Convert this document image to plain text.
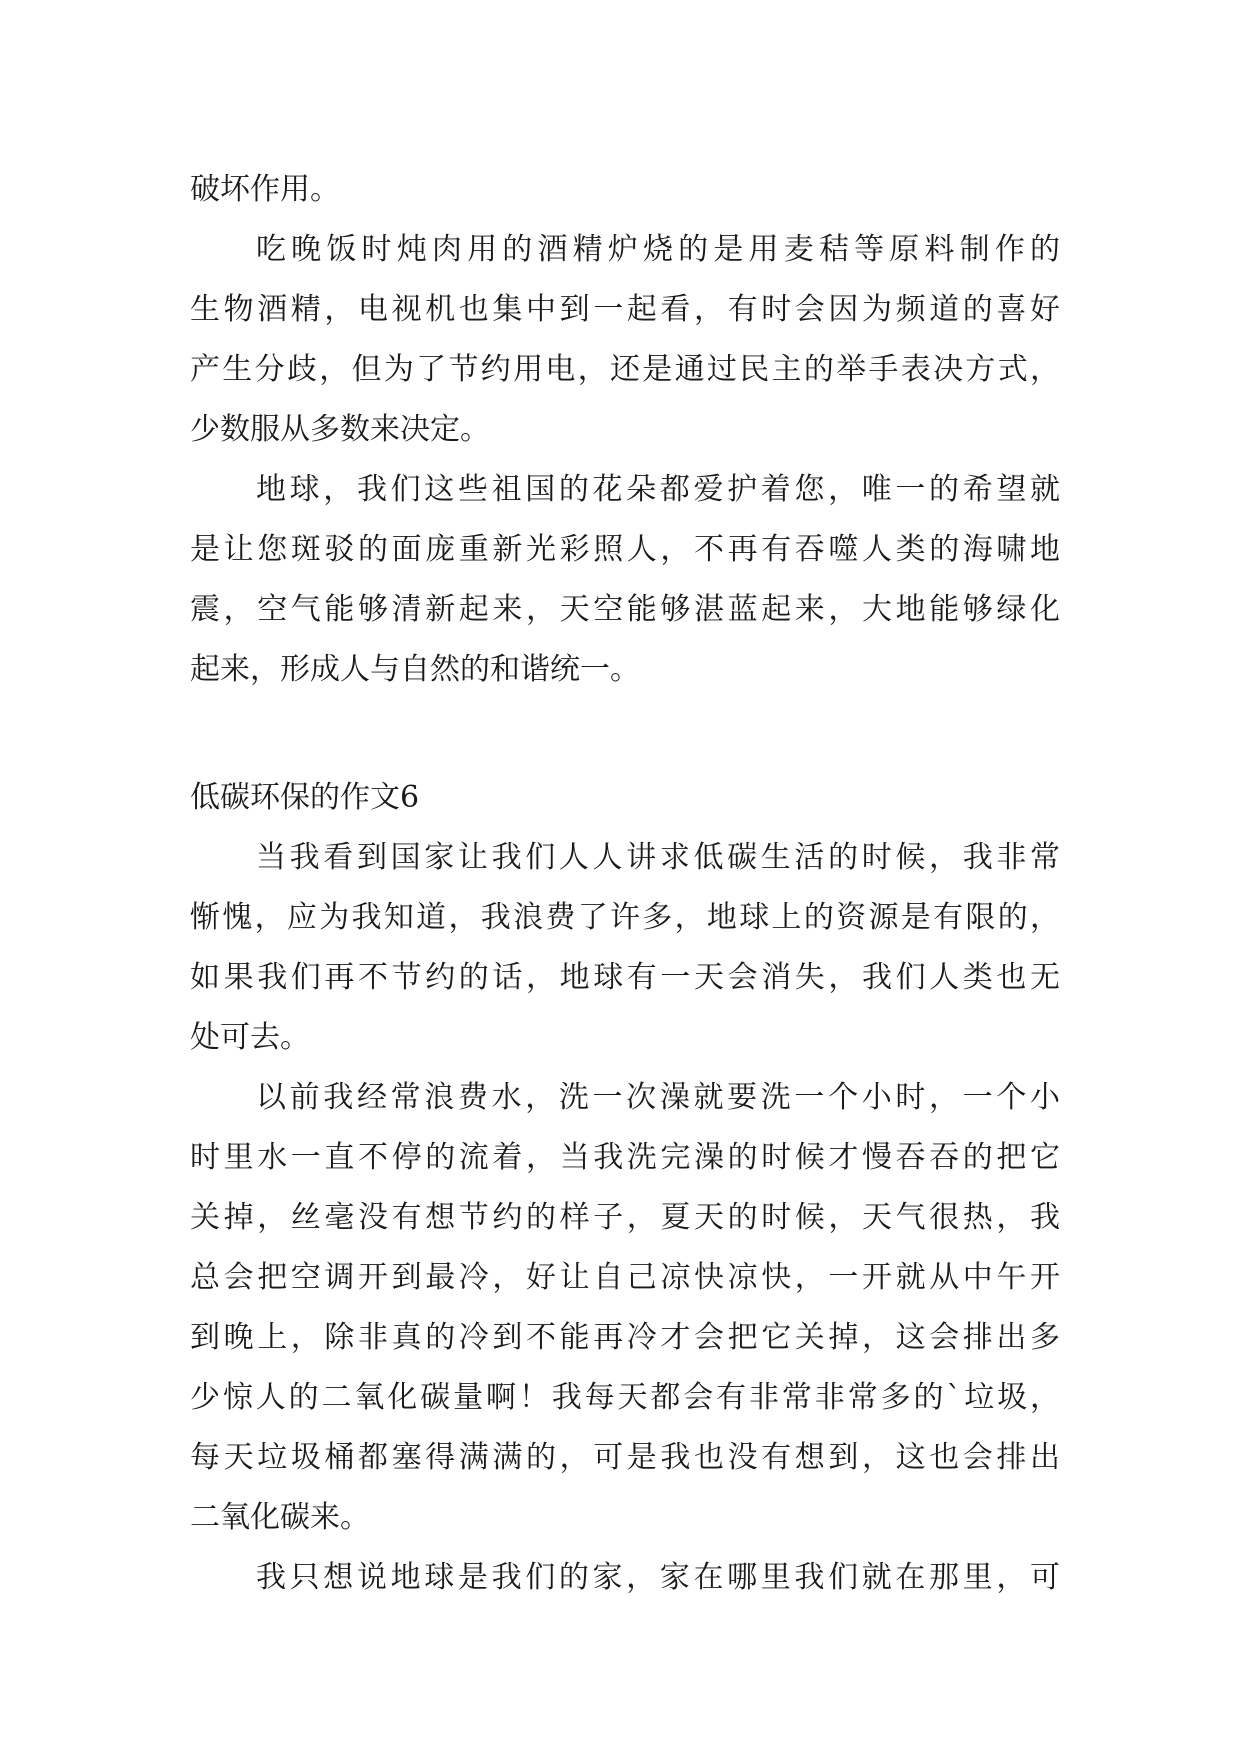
破坏作用。
吃晚饭时炖肉用的酒精炉烧的是用麦秸等原料制作的
生物酒精，电视机也集中到一起看，有时会因为频道的喜好
产生分歧，但为了节约用电，还是通过民主的举手表决方式，
少数服从多数来决定。
地球，我们这些祖国的花朵都爱护着您，唯一的希望就
是让您斑驳的面庞重新光彩照人，不再有吞噬人类的海啸地
震，空气能够清新起来，天空能够湛蓝起来，大地能够绿化
起来，形成人与自然的和谐统一。
低碳环保的作文6
当我看到国家让我们人人讲求低碳生活的时候，我非常
惭愧，应为我知道，我浪费了许多，地球上的资源是有限的，
如果我们再不节约的话，地球有一天会消失，我们人类也无
处可去。
以前我经常浪费水，洗一次澡就要洗一个小时，一个小
时里水一直不停的流着，当我洗完澡的时候才慢吞吞的把它
关掉，丝毫没有想节约的样子，夏天的时候，天气很热，我
总会把空调开到最冷，好让自己凉快凉快，一开就从中午开
到晚上，除非真的冷到不能再冷才会把它关掉，这会排出多
少惊人的二氧化碳量啊！我每天都会有非常非常多的`垃圾，
每天垃圾桶都塞得满满的，可是我也没有想到，这也会排出
二氧化碳来。
我只想说地球是我们的家，家在哪里我们就在那里，可
